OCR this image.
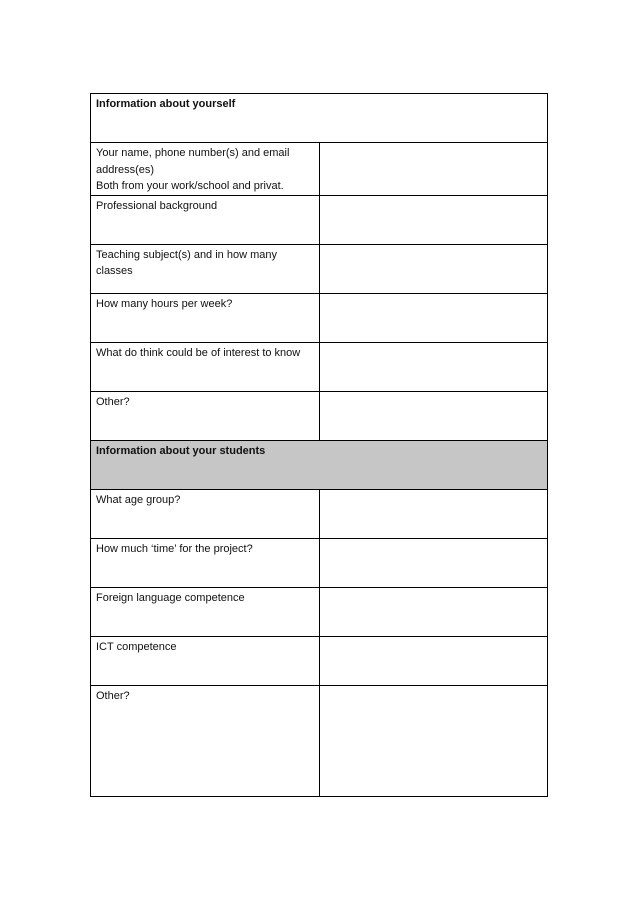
Information about yourself	
Your name, phone number(s) and email address(es)
Both from your work/school and privat.	

Professional background	

Teaching subject(s) and in how many classes	

How many hours per week?	

What do think could be of interest to know	

Other?	

Information about your students	
What age group?	

How much ‘time’ for the project?	

Foreign language competence	

ICT competence	

Other?	
